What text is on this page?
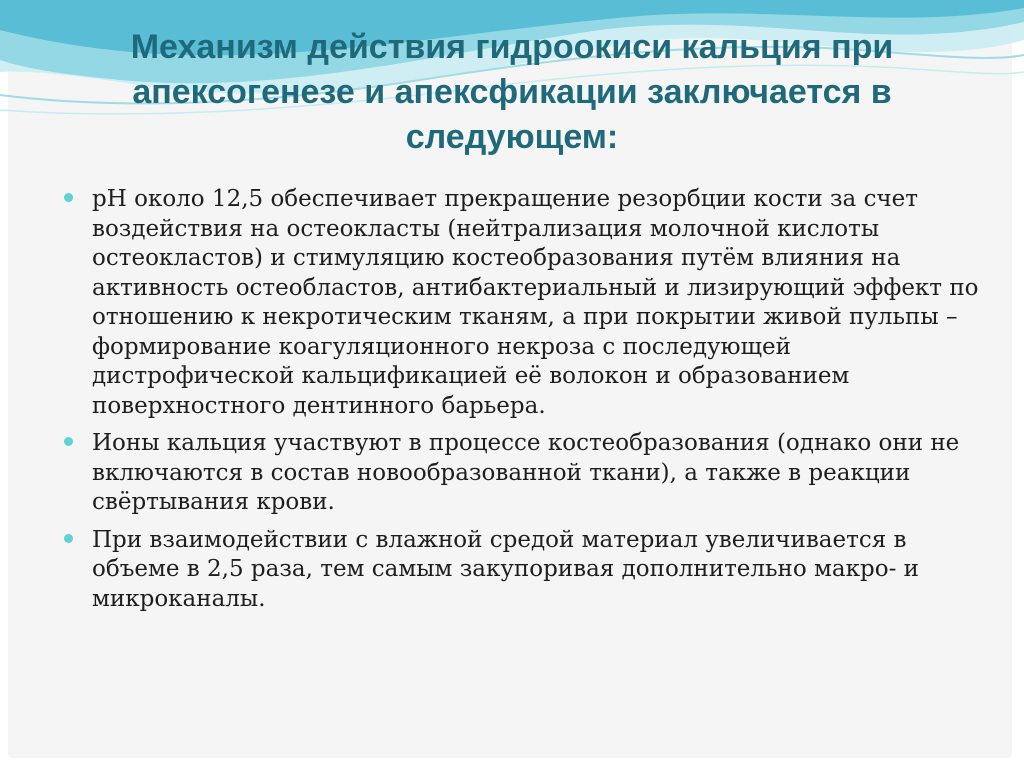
Механизм действия гидроокиси кальция при апексогенезе и апексфикации заключается в следующем:
pH около 12,5 обеспечивает прекращение резорбции кости за счет воздействия на остеокласты (нейтрализация молочной кислоты остеокластов) и стимуляцию костеобразования путём влияния на активность остеобластов, антибактериальный и лизирующий эффект по отношению к некротическим тканям, а при покрытии живой пульпы – формирование коагуляционного некроза с последующей дистрофической кальцификацией её волокон и образованием поверхностного дентинного барьера.
Ионы кальция участвуют в процессе костеобразования (однако они не включаются в состав новообразованной ткани), а также в реакции свёртывания крови.
При взаимодействии с влажной средой материал увеличивается в объеме в 2,5 раза, тем самым закупоривая дополнительно макро- и микроканалы.
